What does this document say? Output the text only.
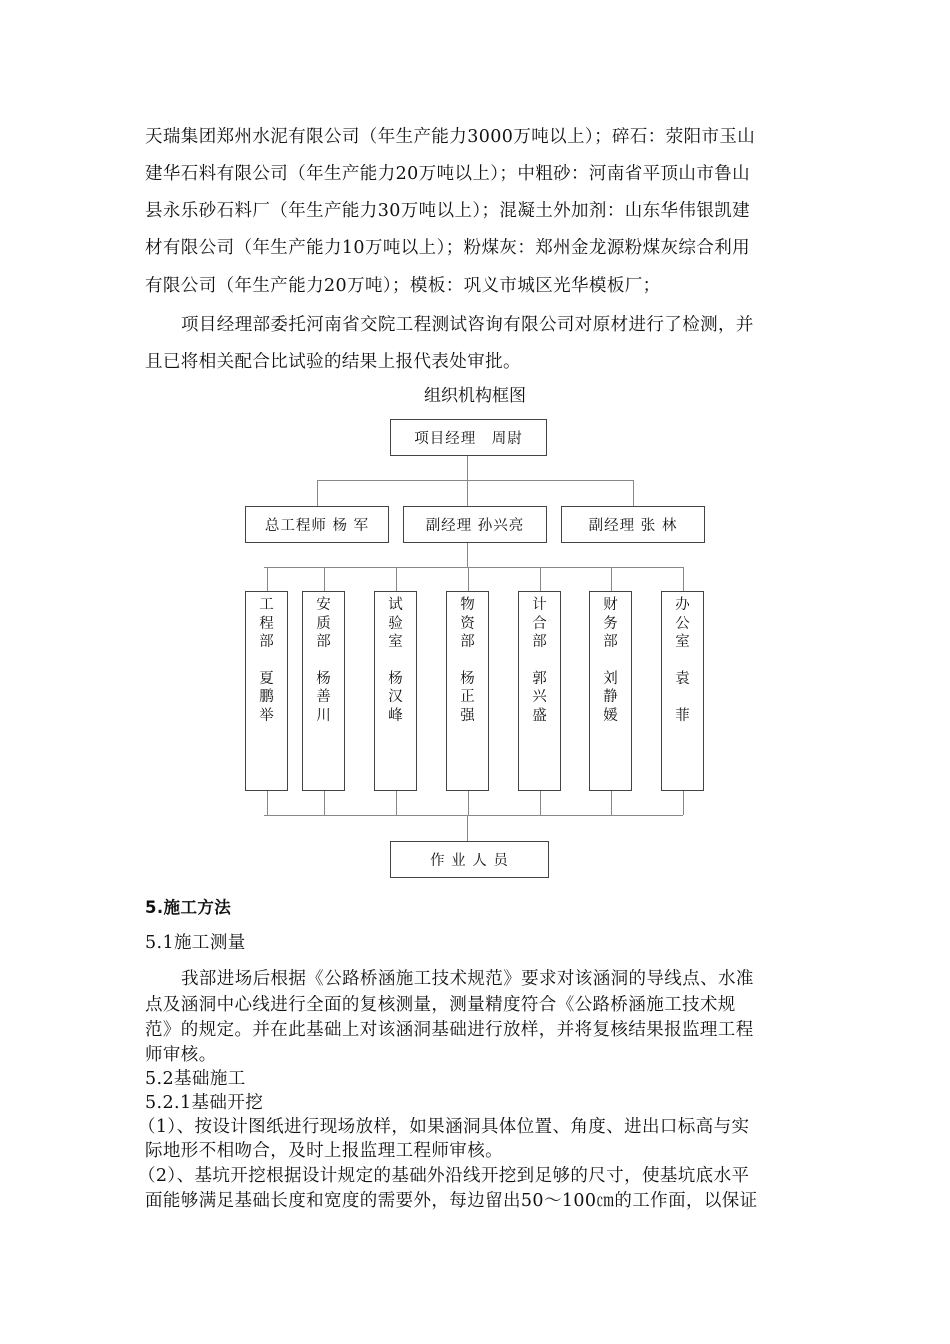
天瑞集团郑州水泥有限公司（年生产能力3000万吨以上）；碎石：荥阳市玉山
建华石料有限公司（年生产能力20万吨以上）；中粗砂：河南省平顶山市鲁山
县永乐砂石料厂（年生产能力30万吨以上）；混凝土外加剂：山东华伟银凯建
材有限公司（年生产能力10万吨以上）；粉煤灰：郑州金龙源粉煤灰综合利用
有限公司（年生产能力20万吨）；模板：巩义市城区光华模板厂；
项目经理部委托河南省交院工程测试咨询有限公司对原材进行了检测，并
且已将相关配合比试验的结果上报代表处审批。
组织机构框图
项目经理　周尉
总工程师 杨 军	副经理 孙兴亮	副经理 张 林
工
程
部
夏
鹏
举
安
质
部
杨
善
川
试
验
室
杨
汉
峰
物
资
部
杨
正
强
计
合
部
郭
兴
盛
财
务
部
刘
静
媛
办
公
室
袁

菲
作 业 人 员
5.施工方法
5.1施工测量
我部进场后根据《公路桥涵施工技术规范》要求对该涵洞的导线点、水准
点及涵洞中心线进行全面的复核测量，测量精度符合《公路桥涵施工技术规
范》的规定。并在此基础上对该涵洞基础进行放样，并将复核结果报监理工程
师审核。
5.2基础施工
5.2.1基础开挖
（1）、按设计图纸进行现场放样，如果涵洞具体位置、角度、进出口标高与实
际地形不相吻合，及时上报监理工程师审核。
（2）、基坑开挖根据设计规定的基础外沿线开挖到足够的尺寸，使基坑底水平
面能够满足基础长度和宽度的需要外，每边留出50～100㎝的工作面，以保证
